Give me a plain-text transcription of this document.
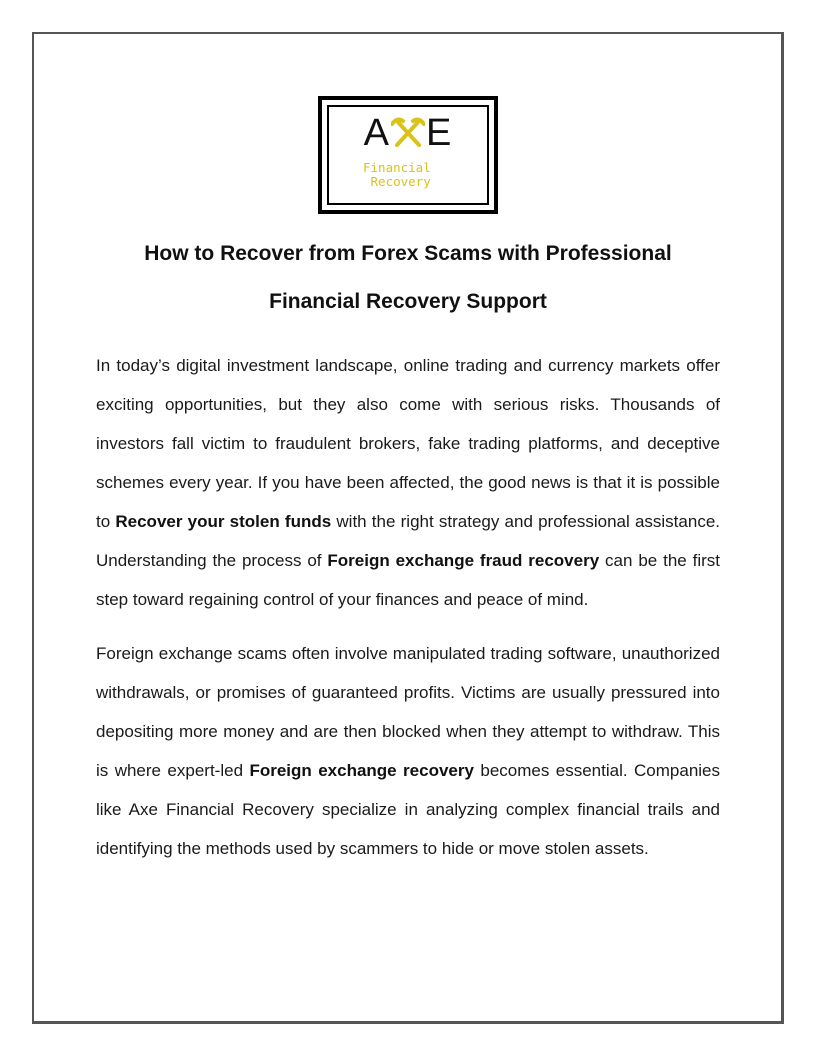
A E
Financial
Recovery
How to Recover from Forex Scams with Professional
Financial Recovery Support

In today’s digital investment landscape, online trading and currency markets offer exciting opportunities, but they also come with serious risks. Thousands of investors fall victim to fraudulent brokers, fake trading platforms, and deceptive schemes every year. If you have been affected, the good news is that it is possible to Recover your stolen funds with the right strategy and professional assistance. Understanding the process of Foreign exchange fraud recovery can be the first step toward regaining control of your finances and peace of mind.

Foreign exchange scams often involve manipulated trading software, unauthorized withdrawals, or promises of guaranteed profits. Victims are usually pressured into depositing more money and are then blocked when they attempt to withdraw. This is where expert-led Foreign exchange recovery becomes essential. Companies like Axe Financial Recovery specialize in analyzing complex financial trails and identifying the methods used by scammers to hide or move stolen assets.
